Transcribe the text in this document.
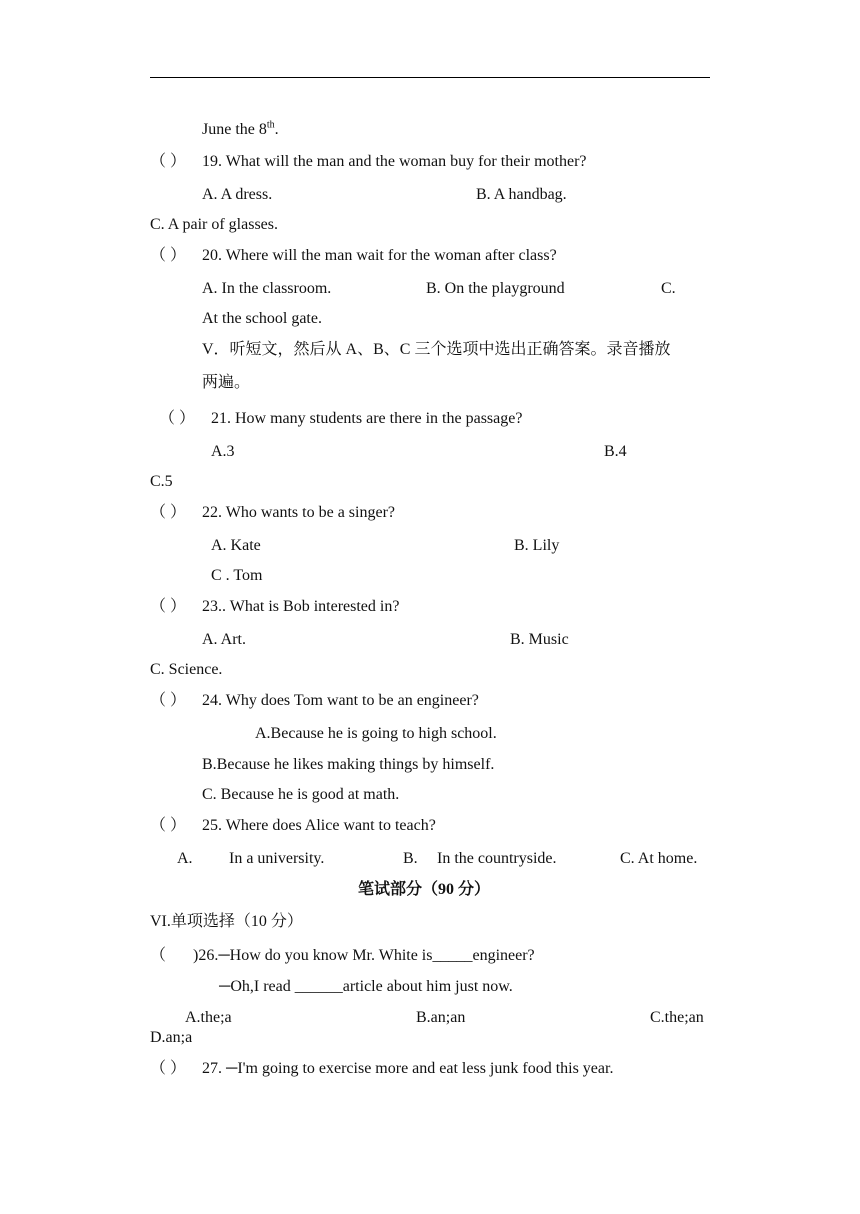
June the 8th.
（ ） 19. What will the man and the woman buy for their mother?
A. A dress.	B. A handbag.
C. A pair of glasses.
（ ） 20. Where will the man wait for the woman after class?
A. In the classroom.	B. On the playground	C.
At the school gate.
V．听短文，然后从 A、B、C 三个选项中选出正确答案。录音播放
两遍。
（ ） 21. How many students are there in the passage?
A.3	B.4
C.5
（ ） 22. Who wants to be a singer?
A. Kate	B. Lily
C . Tom
（ ） 23.. What is Bob interested in?
A. Art.	B. Music
C. Science.
（ ） 24. Why does Tom want to be an engineer?
A.Because he is going to high school.
B.Because he likes making things by himself.
C. Because he is good at math.
（ ） 25. Where does Alice want to teach?
A. In a university.	B. In the countryside.	C. At home.
笔试部分（90 分）
VI.单项选择（10 分）
（ )26.─How do you know Mr. White is_____engineer?
─Oh,I read ______article about him just now.
A.the;a	B.an;an	C.the;an
D.an;a
（ ） 27. ─I'm going to exercise more and eat less junk food this year.
